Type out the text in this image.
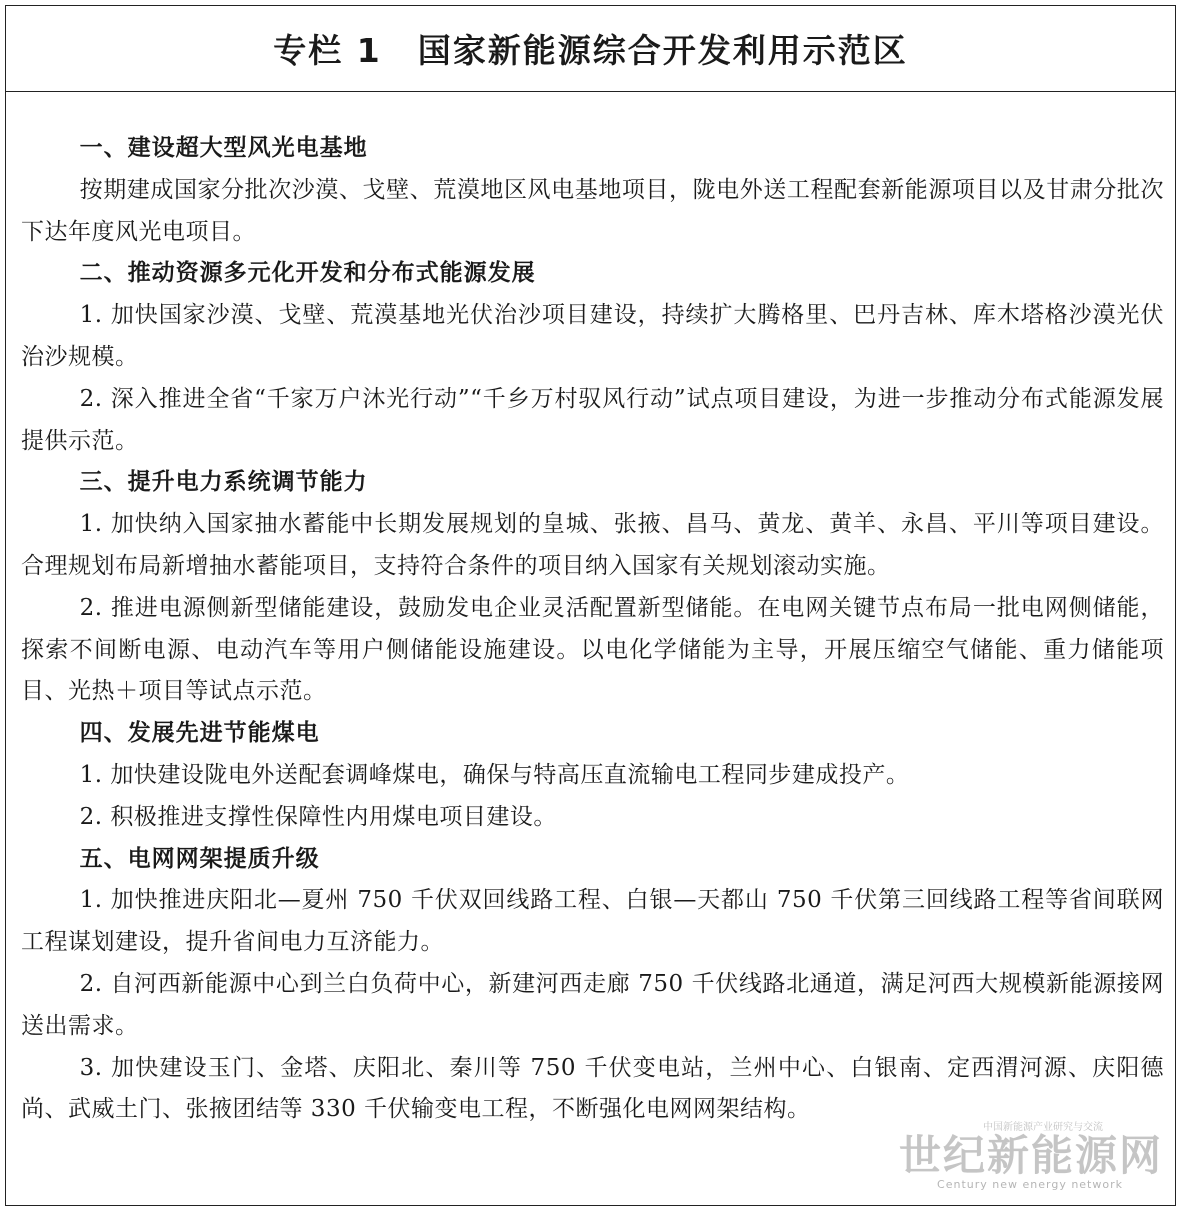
专栏 1 国家新能源综合开发利用示范区

一、建设超大型风光电基地

按期建成国家分批次沙漠、戈壁、荒漠地区风电基地项目，陇电外送工程配套新能源项目以及甘肃分批次下达年度风光电项目。

二、推动资源多元化开发和分布式能源发展

1. 加快国家沙漠、戈壁、荒漠基地光伏治沙项目建设，持续扩大腾格里、巴丹吉林、库木塔格沙漠光伏治沙规模。

2. 深入推进全省“千家万户沐光行动”“千乡万村驭风行动”试点项目建设，为进一步推动分布式能源发展提供示范。

三、提升电力系统调节能力

1. 加快纳入国家抽水蓄能中长期发展规划的皇城、张掖、昌马、黄龙、黄羊、永昌、平川等项目建设。合理规划布局新增抽水蓄能项目，支持符合条件的项目纳入国家有关规划滚动实施。

2. 推进电源侧新型储能建设，鼓励发电企业灵活配置新型储能。在电网关键节点布局一批电网侧储能，探索不间断电源、电动汽车等用户侧储能设施建设。以电化学储能为主导，开展压缩空气储能、重力储能项目、光热＋项目等试点示范。

四、发展先进节能煤电

1. 加快建设陇电外送配套调峰煤电，确保与特高压直流输电工程同步建成投产。

2. 积极推进支撑性保障性内用煤电项目建设。

五、电网网架提质升级

1. 加快推进庆阳北—夏州 750 千伏双回线路工程、白银—天都山 750 千伏第三回线路工程等省间联网工程谋划建设，提升省间电力互济能力。

2. 自河西新能源中心到兰白负荷中心，新建河西走廊 750 千伏线路北通道，满足河西大规模新能源接网送出需求。

3. 加快建设玉门、金塔、庆阳北、秦川等 750 千伏变电站，兰州中心、白银南、定西渭河源、庆阳德尚、武威土门、张掖团结等 330 千伏输变电工程，不断强化电网网架结构。

中国新能源产业研究与交流
世纪新能源网
Century new energy network
